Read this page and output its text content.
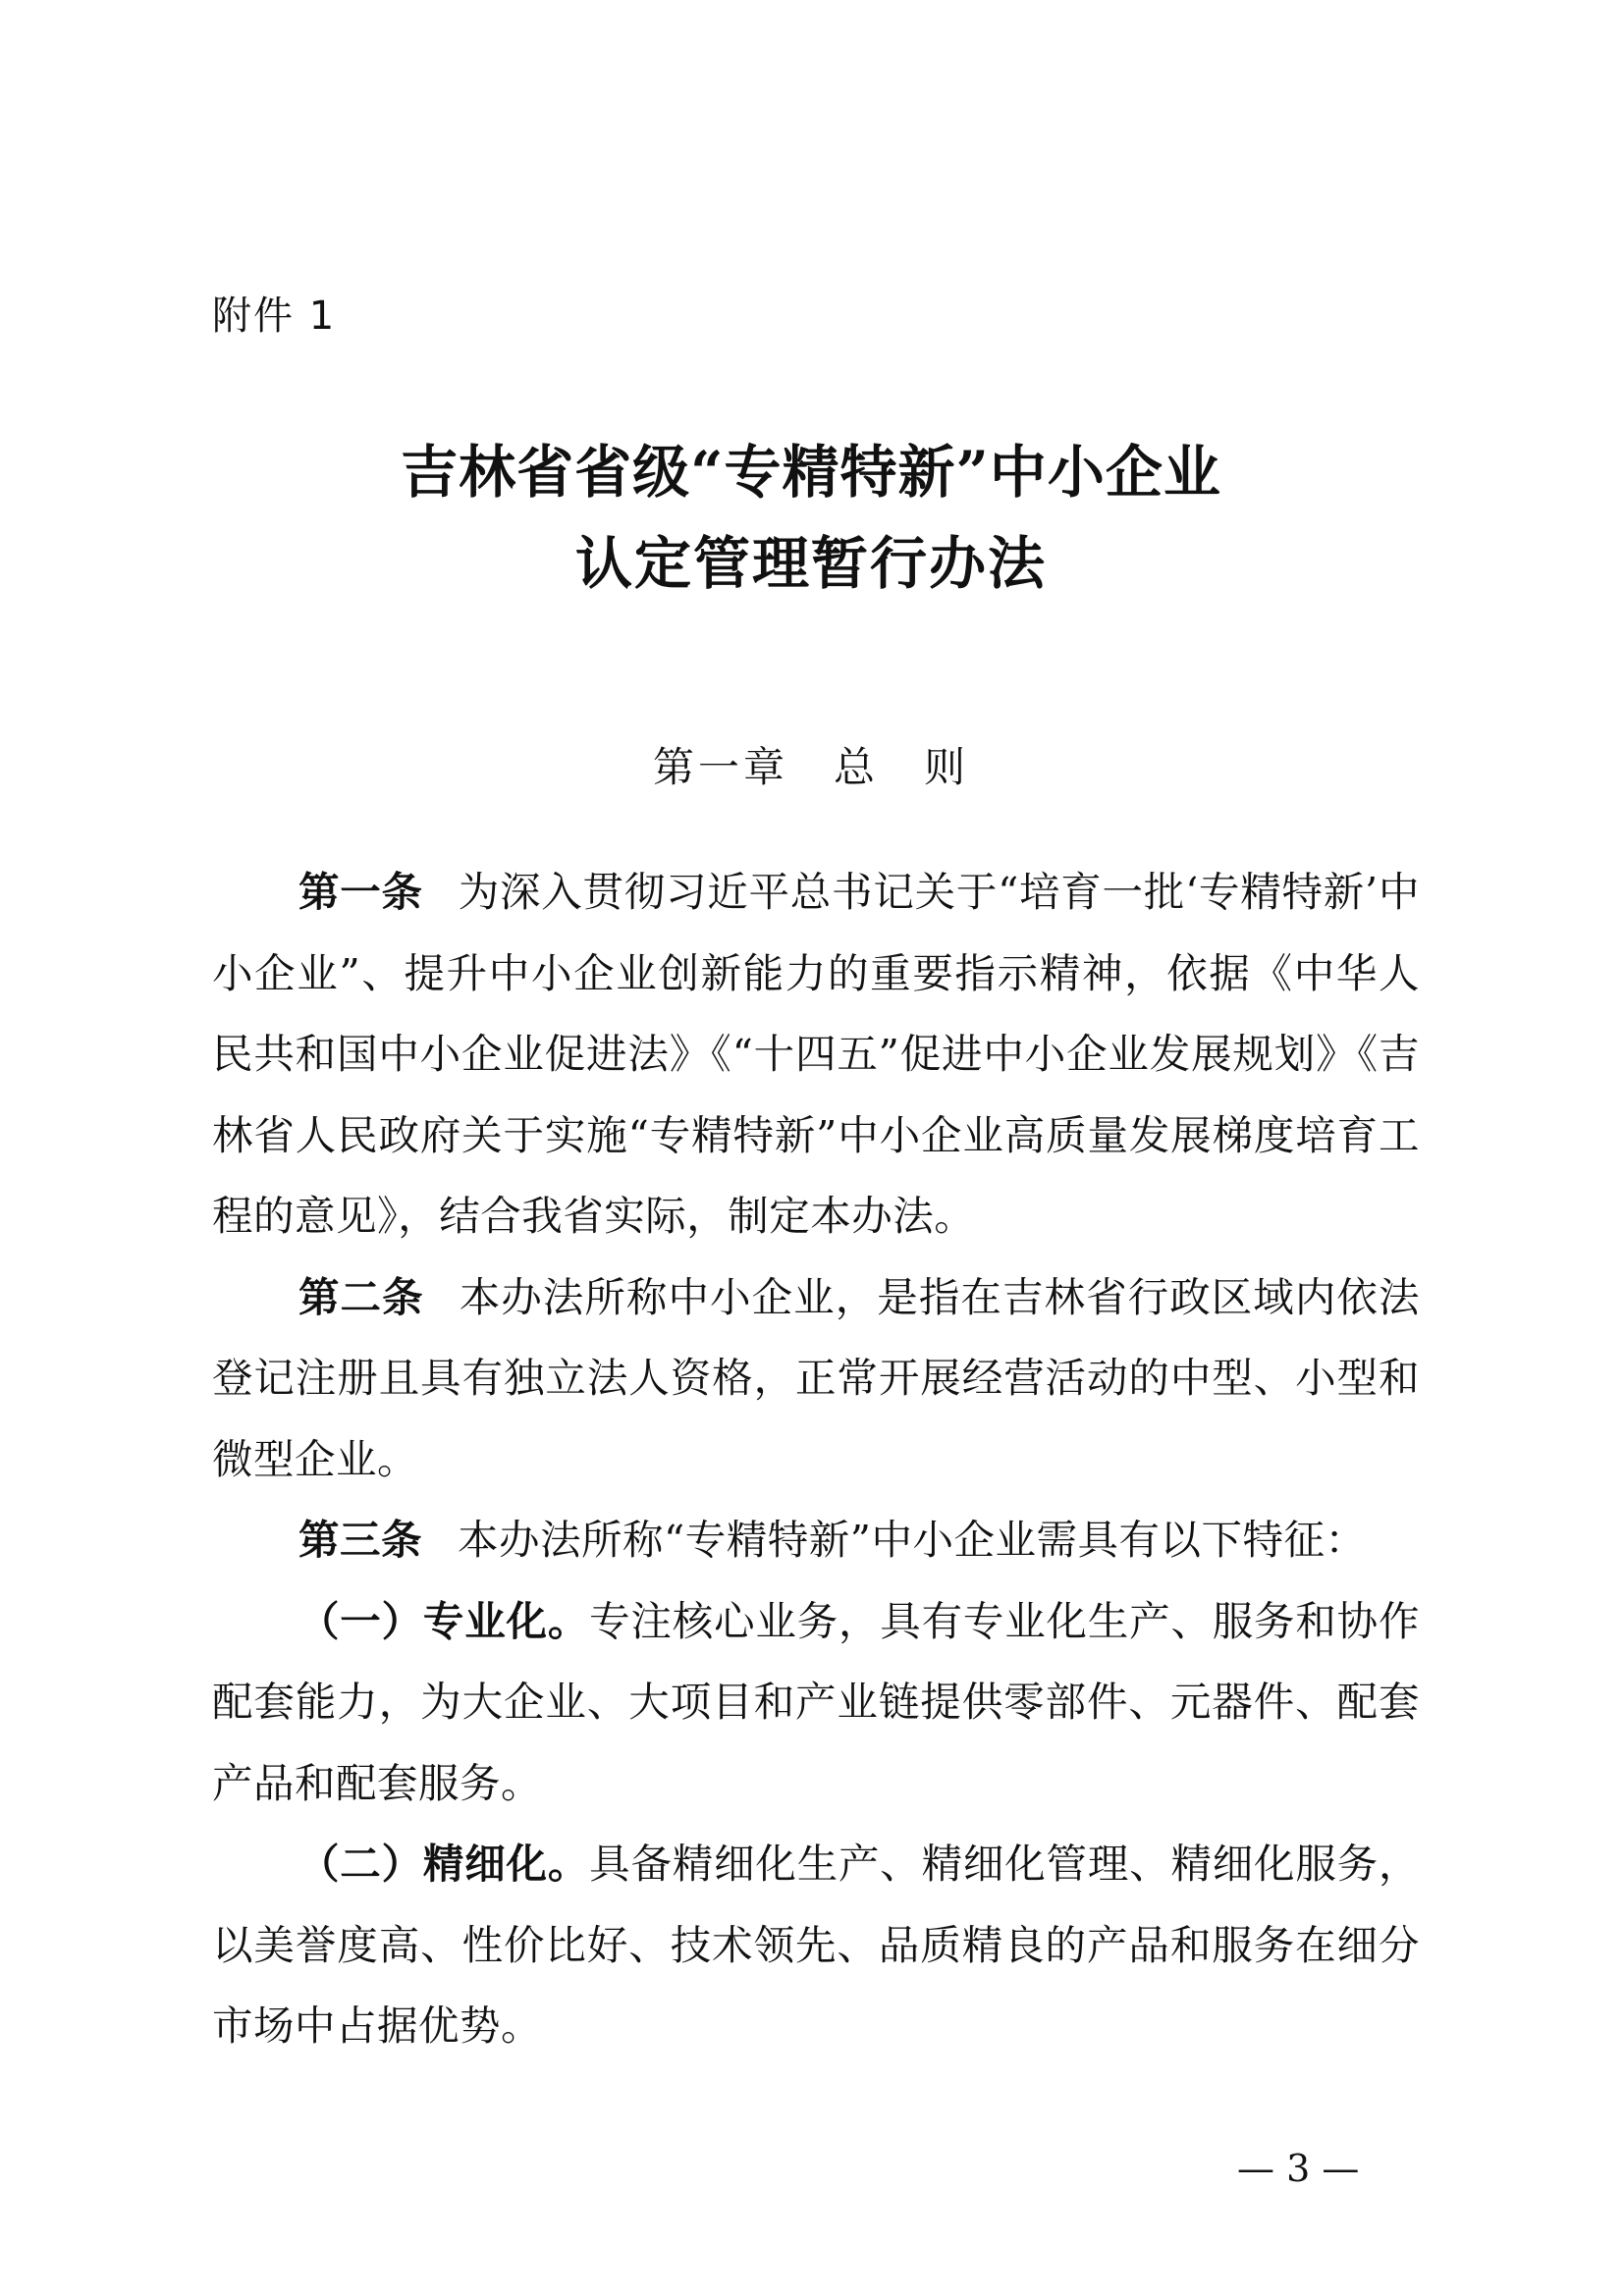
附件 1
吉林省省级“专精特新”中小企业
认定管理暂行办法
第一章　总　则

第一条 为深入贯彻习近平总书记关于“培育一批‘专精特新’中小企业”、提升中小企业创新能力的重要指示精神，依据《中华人民共和国中小企业促进法》《“十四五”促进中小企业发展规划》《吉林省人民政府关于实施“专精特新”中小企业高质量发展梯度培育工程的意见》，结合我省实际，制定本办法。

第二条 本办法所称中小企业，是指在吉林省行政区域内依法登记注册且具有独立法人资格，正常开展经营活动的中型、小型和微型企业。

第三条 本办法所称“专精特新”中小企业需具有以下特征：

（一）专业化。专注核心业务，具有专业化生产、服务和协作配套能力，为大企业、大项目和产业链提供零部件、元器件、配套产品和配套服务。

（二）精细化。具备精细化生产、精细化管理、精细化服务，以美誉度高、性价比好、技术领先、品质精良的产品和服务在细分市场中占据优势。

— 3 —
